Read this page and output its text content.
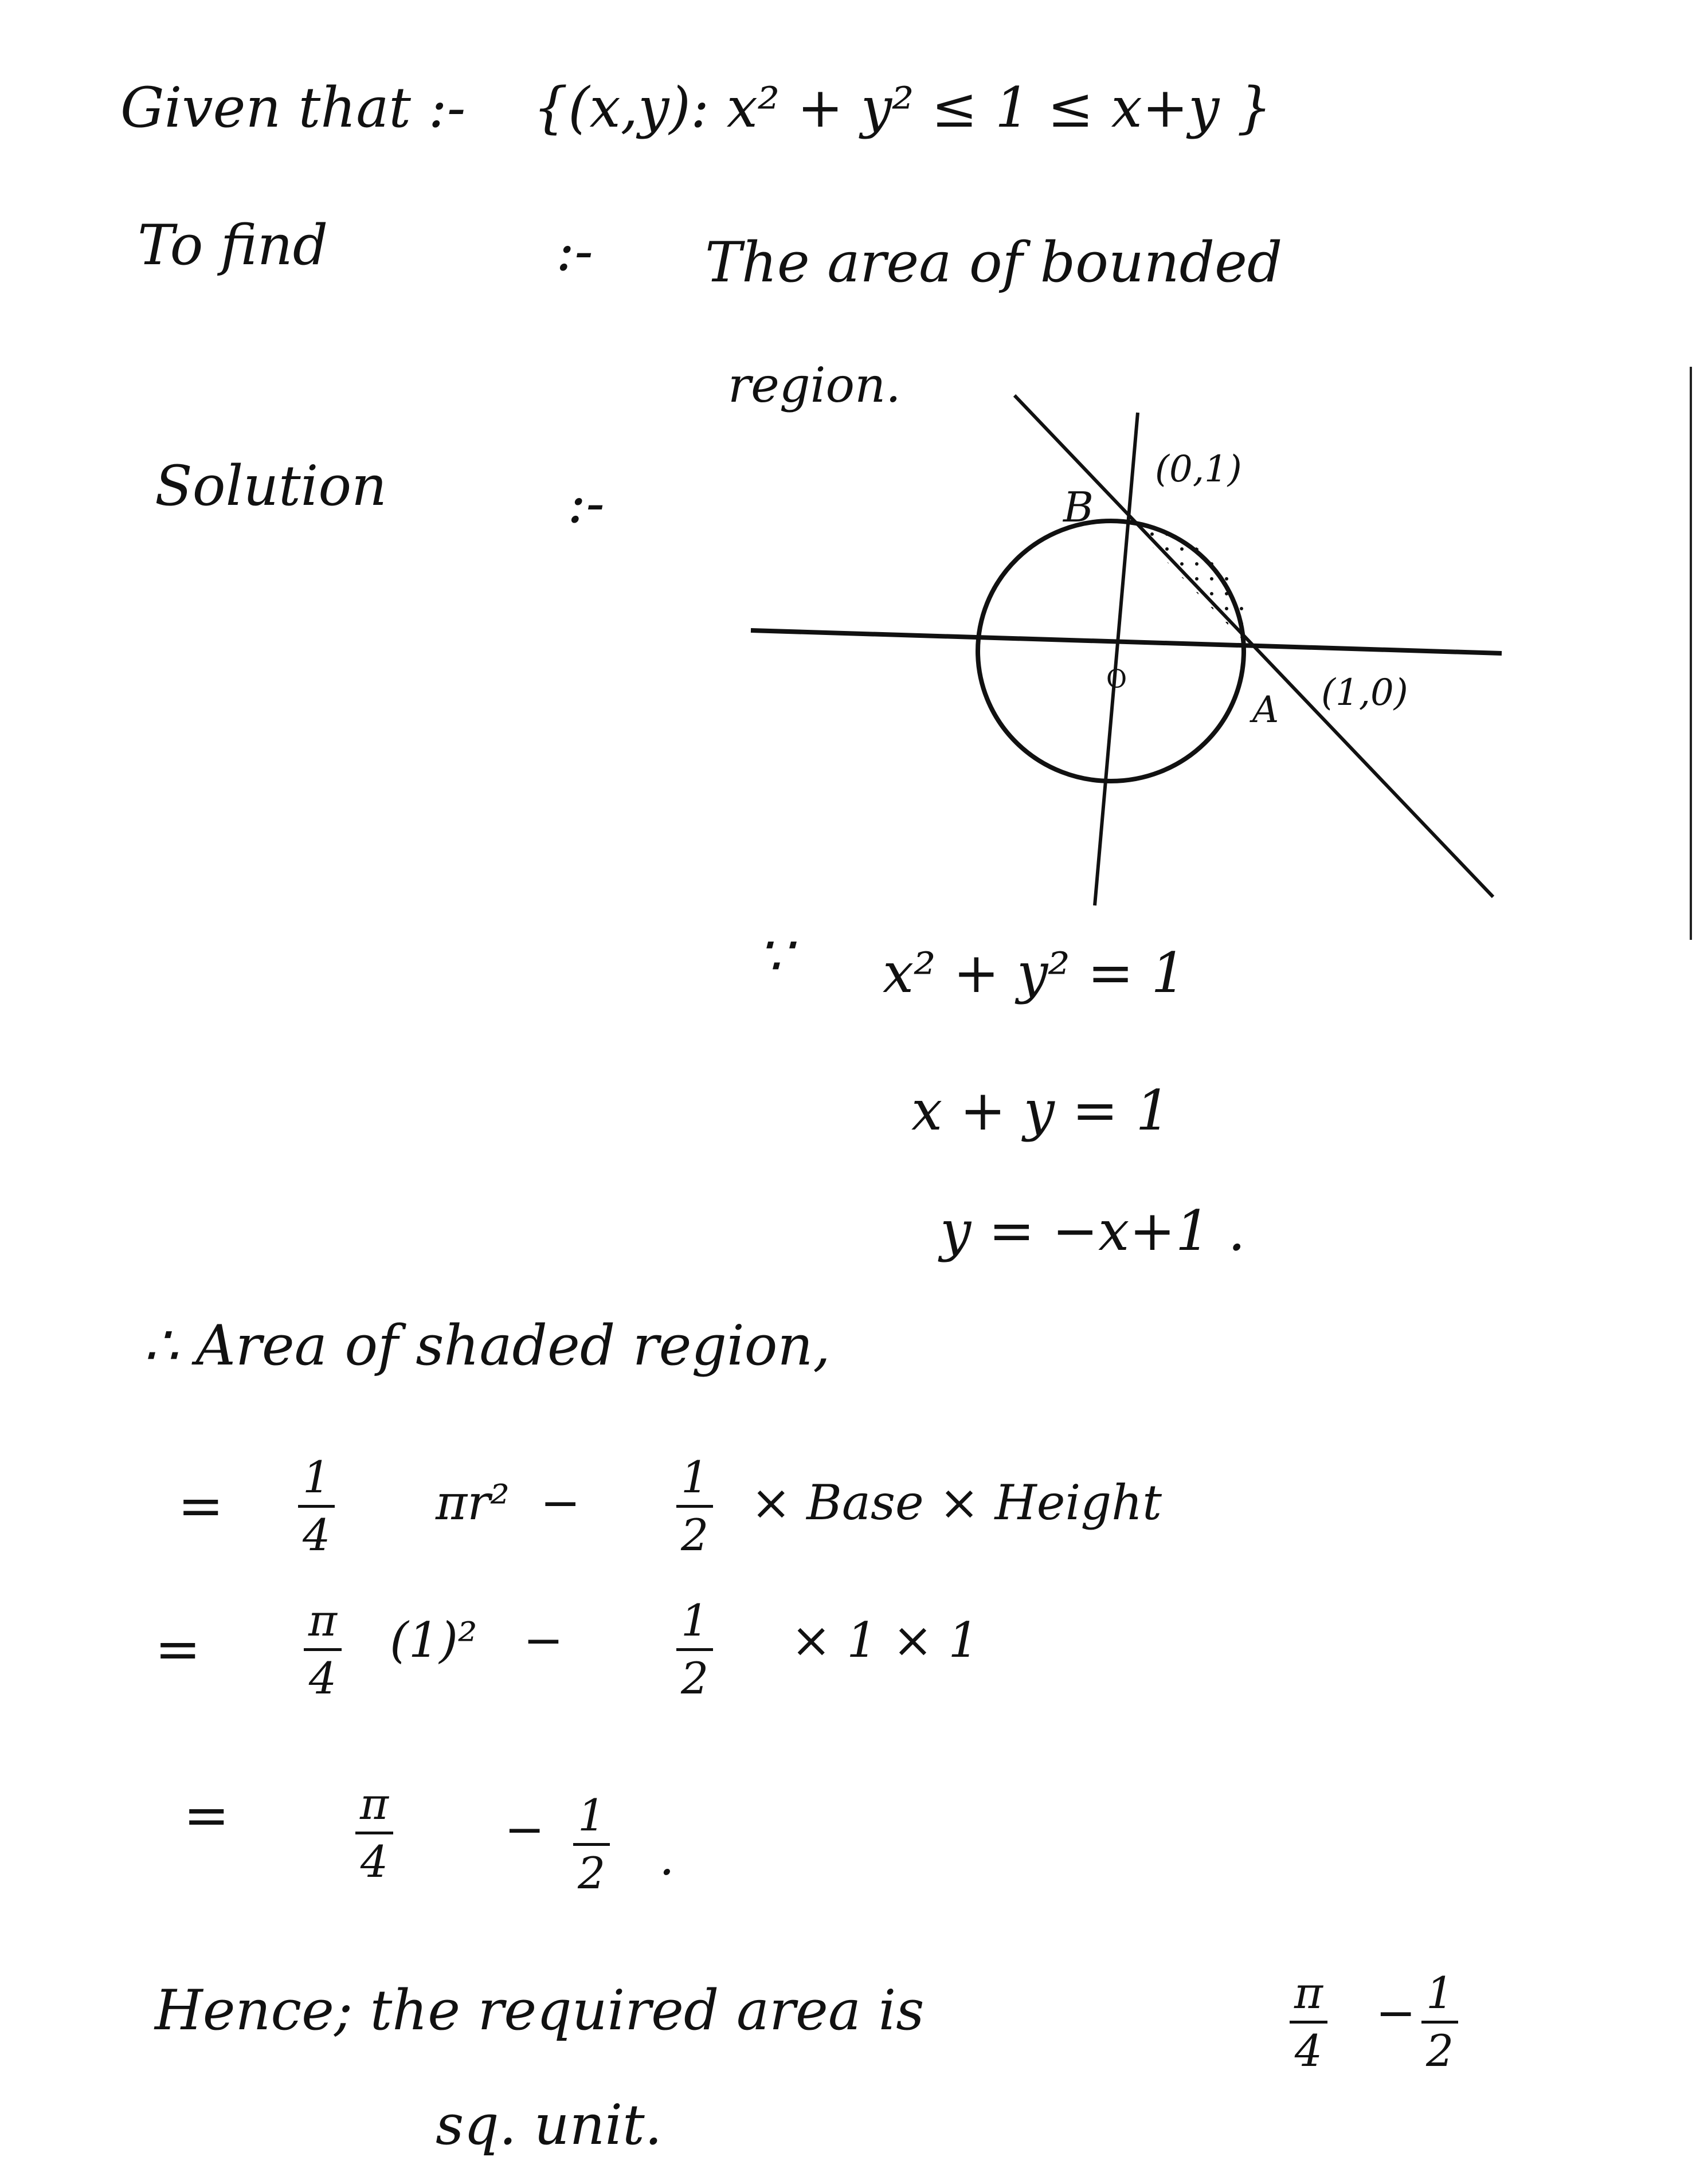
Given that :- {(x,y): x² + y² ≤ 1 ≤ x+y }
To find	:- The area of bounded
region.
Solution	:-	B
(0,1)
O
A (1,0)
∵ x² + y² = 1
x + y = 1
y = −x+1 .
∴ Area of shaded region,
= 1
4
πr²  − 1
2
× Base × Height
= π
4
(1)²   −	1
2
× 1 × 1
=	π
4
− 1
2 .
Hence; the required area is	π
4
− 1
2
sq. unit.
